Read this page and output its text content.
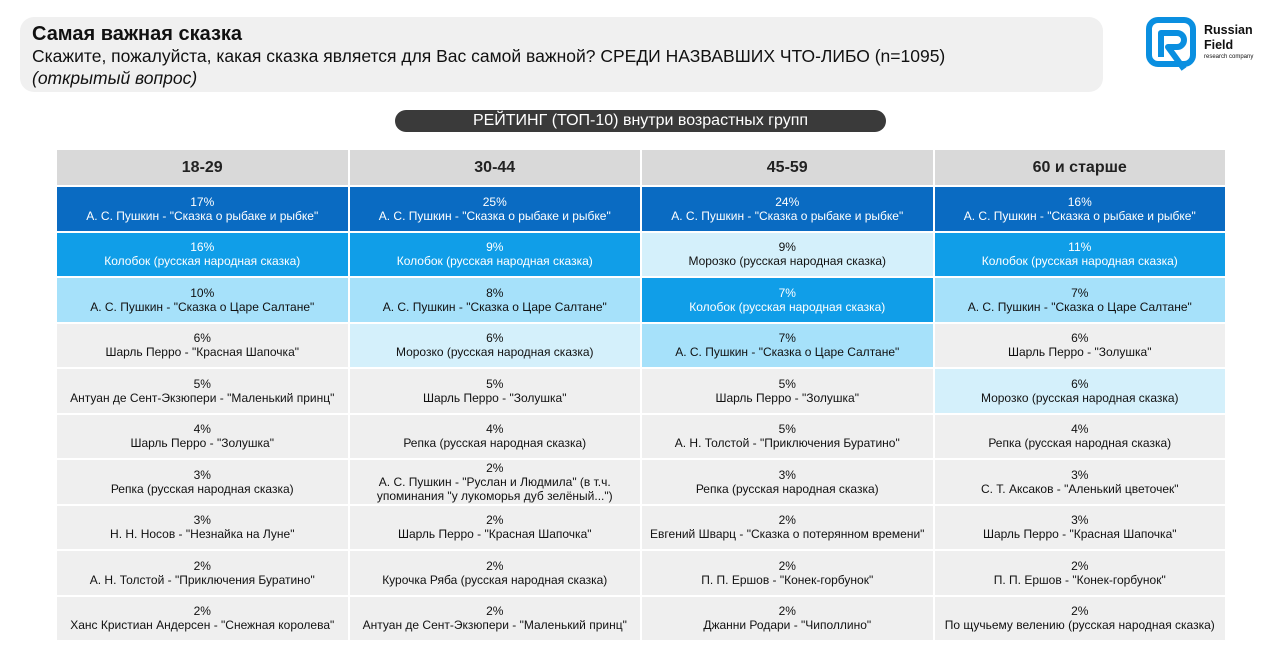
Самая важная сказка

Скажите, пожалуйста, какая сказка является для Вас самой важной? СРЕДИ НАЗВАВШИХ ЧТО-ЛИБО (n=1095)

(открытый вопрос)

Russian
Field
research company
РЕЙТИНГ (ТОП-10) внутри возрастных групп
18-29
17%
А. С. Пушкин - "Сказка о рыбаке и рыбке"
16%
Колобок (русская народная сказка)
10%
А. С. Пушкин - "Сказка о Царе Салтане"
6%
Шарль Перро - "Красная Шапочка"
5%
Антуан де Сент-Экзюпери - "Маленький принц"
4%
Шарль Перро - "Золушка"
3%
Репка (русская народная сказка)
3%
Н. Н. Носов - "Незнайка на Луне"
2%
А. Н. Толстой - "Приключения Буратино"
2%
Ханс Кристиан Андерсен - "Снежная королева"
30-44
25%
А. С. Пушкин - "Сказка о рыбаке и рыбке"
9%
Колобок (русская народная сказка)
8%
А. С. Пушкин - "Сказка о Царе Салтане"
6%
Морозко (русская народная сказка)
5%
Шарль Перро - "Золушка"
4%
Репка (русская народная сказка)
2%
А. С. Пушкин - "Руслан и Людмила" (в т.ч. упоминания "у лукоморья дуб зелёный...")
2%
Шарль Перро - "Красная Шапочка"
2%
Курочка Ряба (русская народная сказка)
2%
Антуан де Сент-Экзюпери - "Маленький принц"
45-59
24%
А. С. Пушкин - "Сказка о рыбаке и рыбке"
9%
Морозко (русская народная сказка)
7%
Колобок (русская народная сказка)
7%
А. С. Пушкин - "Сказка о Царе Салтане"
5%
Шарль Перро - "Золушка"
5%
А. Н. Толстой - "Приключения Буратино"
3%
Репка (русская народная сказка)
2%
Евгений Шварц - "Сказка о потерянном времени"
2%
П. П. Ершов - "Конек-горбунок"
2%
Джанни Родари - "Чиполлино"
60 и старше
16%
А. С. Пушкин - "Сказка о рыбаке и рыбке"
11%
Колобок (русская народная сказка)
7%
А. С. Пушкин - "Сказка о Царе Салтане"
6%
Шарль Перро - "Золушка"
6%
Морозко (русская народная сказка)
4%
Репка (русская народная сказка)
3%
С. Т. Аксаков - "Аленький цветочек"
3%
Шарль Перро - "Красная Шапочка"
2%
П. П. Ершов - "Конек-горбунок"
2%
По щучьему велению (русская народная сказка)
